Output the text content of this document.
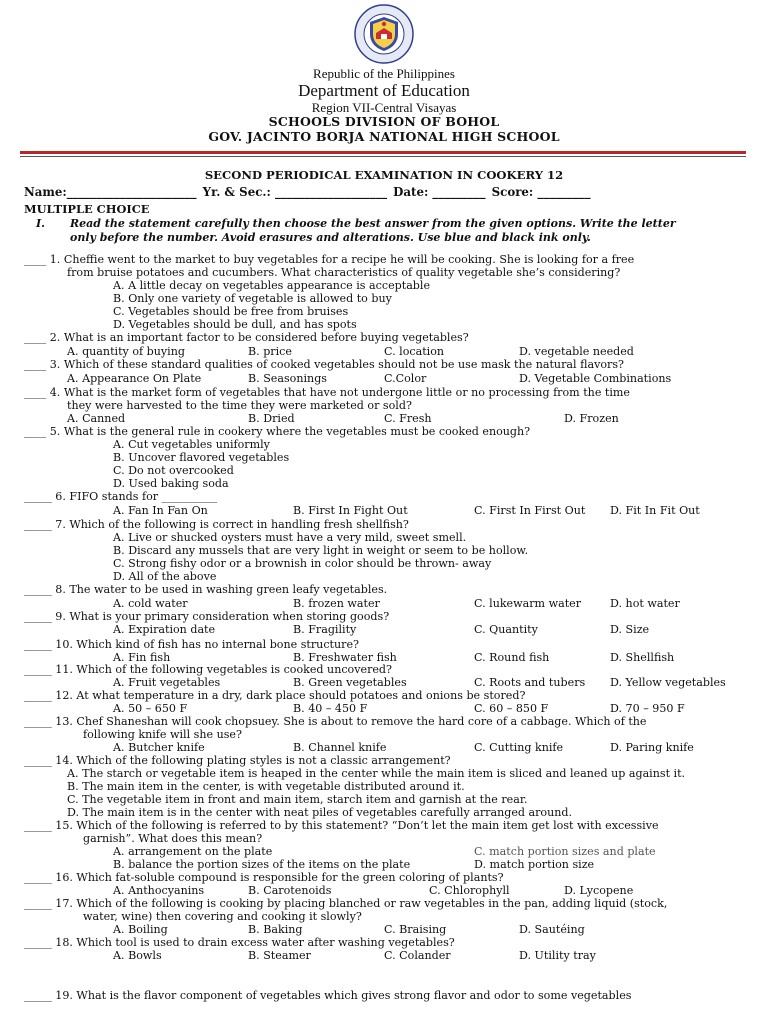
Republic of the Philippines
Department of Education
Region VII-Central Visayas
SCHOOLS DIVISION OF BOHOL
GOV. JACINTO BORJA NATIONAL HIGH SCHOOL
SECOND PERIODICAL EXAMINATION IN COOKERY 12
Name:______________________ Yr. & Sec.: ___________________ Date: _________ Score: _________
MULTIPLE CHOICE
I. Read the statement carefully then choose the best answer from the given options. Write the letter
only before the number. Avoid erasures and alterations. Use blue and black ink only.
____ 1. Cheffie went to the market to buy vegetables for a recipe he will be cooking. She is looking for a free
from bruise potatoes and cucumbers. What characteristics of quality vegetable she’s considering?
A. A little decay on vegetables appearance is acceptable
B. Only one variety of vegetable is allowed to buy
C. Vegetables should be free from bruises
D. Vegetables should be dull, and has spots
____ 2. What is an important factor to be considered before buying vegetables?
A. quantity of buying	B. price	C. location	D. vegetable needed
____ 3. Which of these standard qualities of cooked vegetables should not be use mask the natural flavors?
A. Appearance On Plate	B. Seasonings	C.Color	D. Vegetable Combinations
____ 4. What is the market form of vegetables that have not undergone little or no processing from the time
they were harvested to the time they were marketed or sold?
A. Canned	B. Dried	C. Fresh	D. Frozen
____ 5. What is the general rule in cookery where the vegetables must be cooked enough?
A. Cut vegetables uniformly
B. Uncover flavored vegetables
C. Do not overcooked
D. Used baking soda
_____ 6. FIFO stands for __________
A. Fan In Fan On	B. First In Fight Out	C. First In First Out D. Fit In Fit Out
_____ 7. Which of the following is correct in handling fresh shellfish?
A. Live or shucked oysters must have a very mild, sweet smell.
B. Discard any mussels that are very light in weight or seem to be hollow.
C. Strong fishy odor or a brownish in color should be thrown- away
D. All of the above
_____ 8. The water to be used in washing green leafy vegetables.
A. cold water	B. frozen water	C. lukewarm water	D. hot water
_____ 9. What is your primary consideration when storing goods?
A. Expiration date	B. Fragility	C. Quantity	D. Size
_____ 10. Which kind of fish has no internal bone structure?
A. Fin fish	B. Freshwater fish	C. Round fish	D. Shellfish
_____ 11. Which of the following vegetables is cooked uncovered?
A. Fruit vegetables	B. Green vegetables	C. Roots and tubers D. Yellow vegetables
_____ 12. At what temperature in a dry, dark place should potatoes and onions be stored?
A. 50 – 650 F	B. 40 – 450 F	C. 60 – 850 F	D. 70 – 950 F
_____ 13. Chef Shaneshan will cook chopsuey. She is about to remove the hard core of a cabbage. Which of the
following knife will she use?
A. Butcher knife	B. Channel knife	C. Cutting knife	D. Paring knife
_____ 14. Which of the following plating styles is not a classic arrangement?
A. The starch or vegetable item is heaped in the center while the main item is sliced and leaned up against it.
B. The main item in the center, is with vegetable distributed around it.
C. The vegetable item in front and main item, starch item and garnish at the rear.
D. The main item is in the center with neat piles of vegetables carefully arranged around.
_____ 15. Which of the following is referred to by this statement? “Don’t let the main item get lost with excessive
garnish”. What does this mean?
A. arrangement on the plate	C. match portion sizes and plate
B. balance the portion sizes of the items on the plate	D. match portion size
_____ 16. Which fat-soluble compound is responsible for the green coloring of plants?
A. Anthocyanins	B. Carotenoids	C. Chlorophyll	D. Lycopene
_____ 17. Which of the following is cooking by placing blanched or raw vegetables in the pan, adding liquid (stock,
water, wine) then covering and cooking it slowly?
A. Boiling	B. Baking	C. Braising	D. Sautéing
_____ 18. Which tool is used to drain excess water after washing vegetables?
A. Bowls	B. Steamer	C. Colander	D. Utility tray
_____ 19. What is the flavor component of vegetables which gives strong flavor and odor to some vegetables
